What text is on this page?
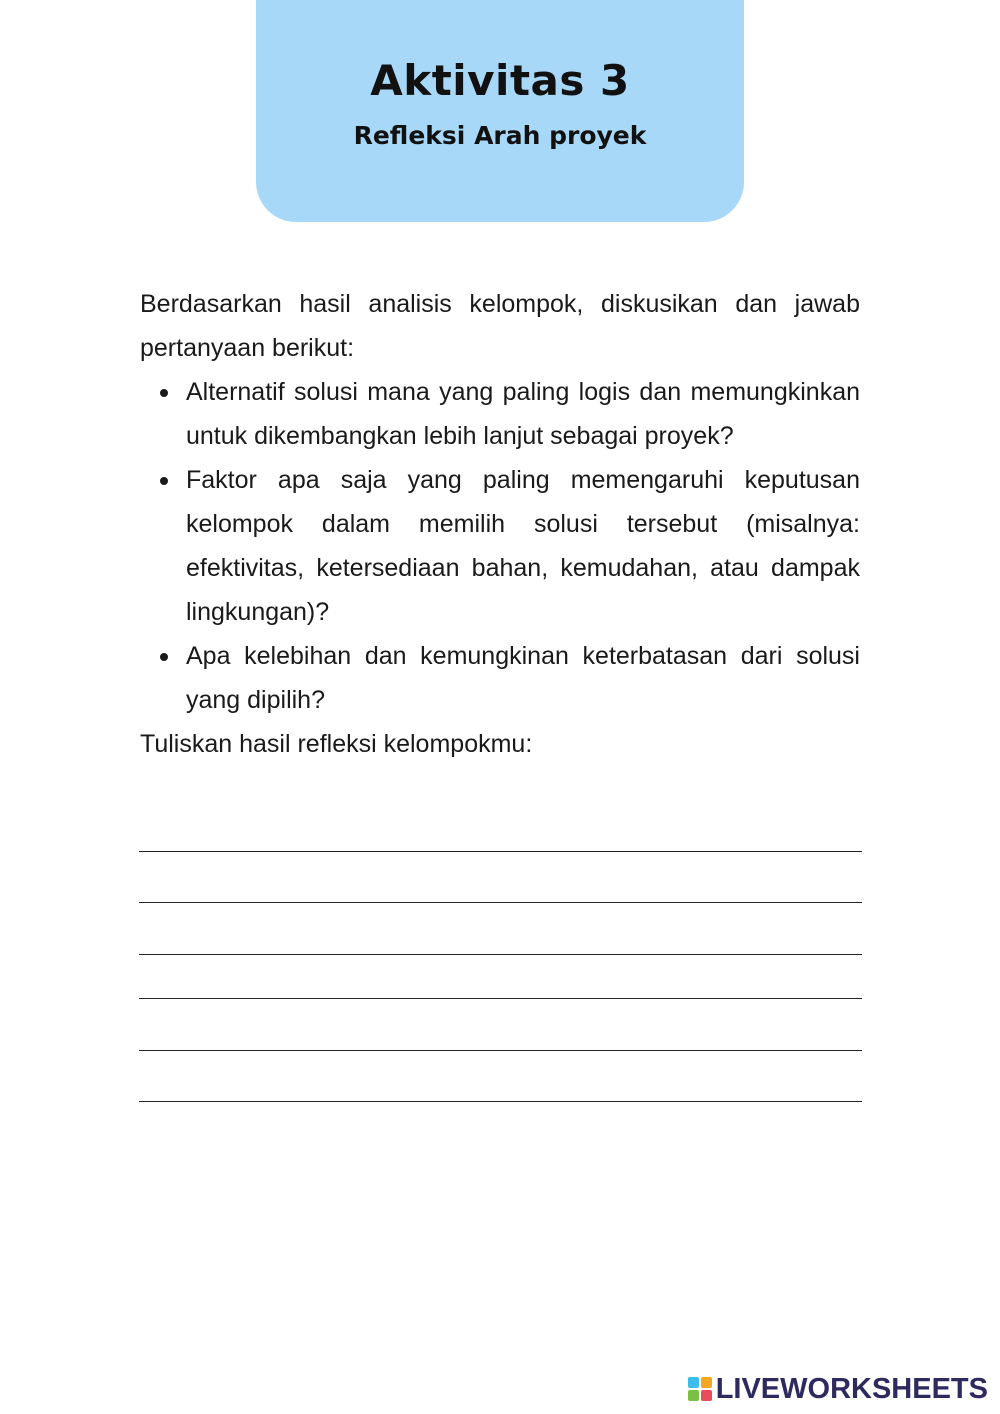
Aktivitas 3
Refleksi Arah proyek

Berdasarkan hasil analisis kelompok, diskusikan dan jawab pertanyaan berikut:

Alternatif solusi mana yang paling logis dan memungkinkan untuk dikembangkan lebih lanjut sebagai proyek?
Faktor apa saja yang paling memengaruhi keputusan kelompok dalam memilih solusi tersebut (misalnya: efektivitas, ketersediaan bahan, kemudahan, atau dampak lingkungan)?
Apa kelebihan dan kemungkinan keterbatasan dari solusi yang dipilih?

Tuliskan hasil refleksi kelompokmu:

LIVEWORKSHEETS
